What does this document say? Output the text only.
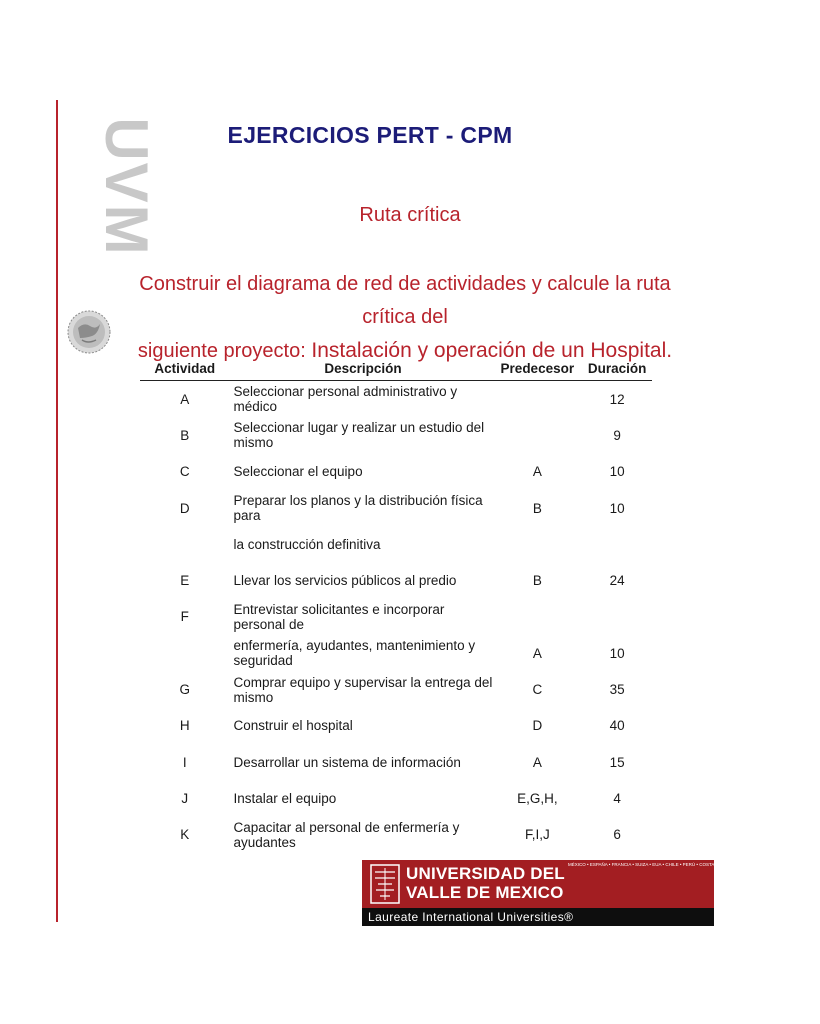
UVM	EJERCICIOS PERT - CPM
Ruta crítica
Construir el diagrama de red de actividades y calcule la ruta crítica del
siguiente proyecto: Instalación y operación de un Hospital.
Actividad	Descripción	Predecesor	Duración
A	Seleccionar personal administrativo y médico		12
B	Seleccionar lugar y realizar un estudio del mismo		9
C	Seleccionar el equipo	A	10
D	Preparar los planos y la distribución física para	B	10
	la construcción definitiva		
E	Llevar los servicios públicos al predio	B	24
F	Entrevistar solicitantes e incorporar personal de		
	enfermería, ayudantes, mantenimiento y seguridad	A	10
G	Comprar equipo y supervisar la entrega del mismo	C	35
H	Construir el hospital	D	40
I	Desarrollar un sistema de información	A	15
J	Instalar el equipo	E,G,H,	4
K	Capacitar al personal de enfermería y ayudantes	F,I,J	6
UNIVERSIDAD DEL
VALLE DE MEXICO
MÉXICO • ESPAÑA • FRANCIA • SUIZA • EUA • CHILE • PERÚ • COSTA RICA • PANAMÁ
Laureate International Universities®
